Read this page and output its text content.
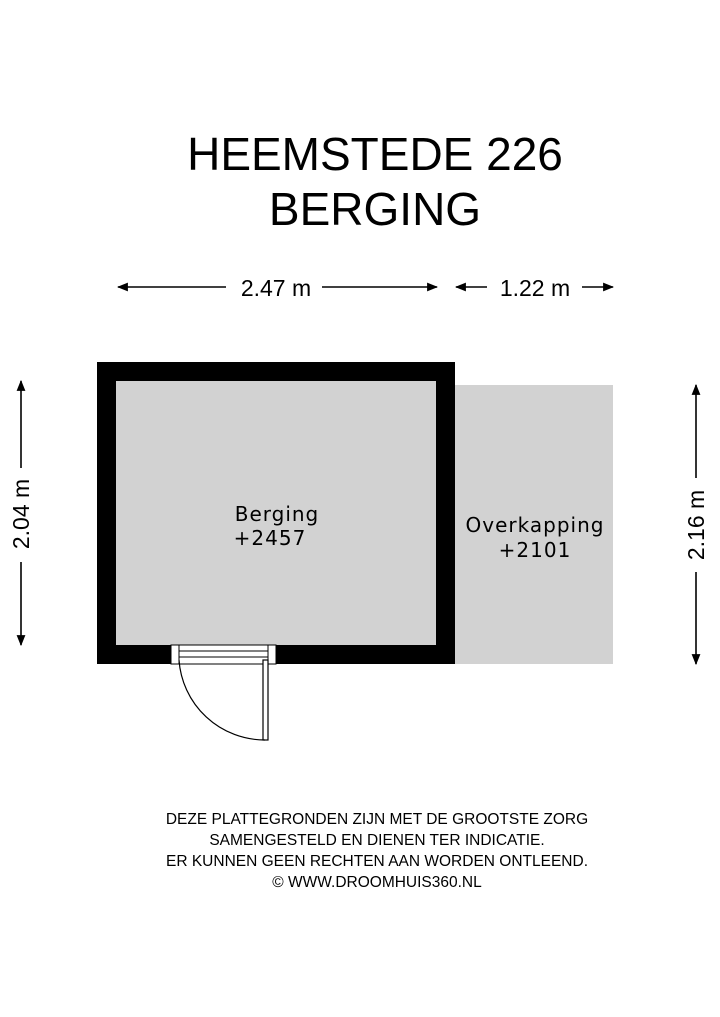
HEEMSTEDE 226
BERGING
2.47 m	1.22 m
2.04 m	2.16 m
Berging
+2457
Overkapping
+2101
DEZE PLATTEGRONDEN ZIJN MET DE GROOTSTE ZORG
SAMENGESTELD EN DIENEN TER INDICATIE.
ER KUNNEN GEEN RECHTEN AAN WORDEN ONTLEEND.
© WWW.DROOMHUIS360.NL
